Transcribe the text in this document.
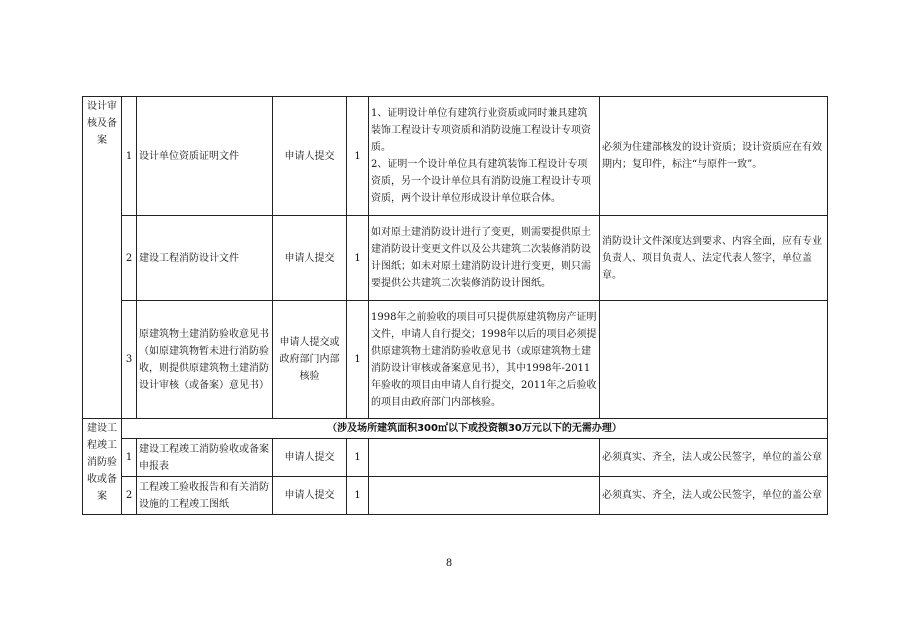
设计审核及备案	1	设计单位资质证明文件	申请人提交	1	1、证明设计单位有建筑行业资质或同时兼具建筑装饰工程设计专项资质和消防设施工程设计专项资质。
2、证明一个设计单位具有建筑装饰工程设计专项资质，另一个设计单位具有消防设施工程设计专项资质，两个设计单位形成设计单位联合体。	必须为住建部核发的设计资质；设计资质应在有效期内；复印件，标注“与原件一致”。
	2	建设工程消防设计文件	申请人提交	1	如对原土建消防设计进行了变更，则需要提供原土建消防设计变更文件以及公共建筑二次装修消防设计图纸；如未对原土建消防设计进行变更，则只需要提供公共建筑二次装修消防设计图纸。	消防设计文件深度达到要求、内容全面，应有专业负责人、项目负责人、法定代表人签字，单位盖章。
	3	原建筑物土建消防验收意见书（如原建筑物暂未进行消防验收，则提供原建筑物土建消防设计审核（或备案）意见书）	申请人提交或政府部门内部核验	1	1998年之前验收的项目可只提供原建筑物房产证明文件，申请人自行提交；1998年以后的项目必须提供原建筑物土建消防验收意见书（或原建筑物土建消防设计审核或备案意见书），其中1998年-2011年验收的项目由申请人自行提交，2011年之后验收的项目由政府部门内部核验。	

建设工程竣工消防验收或备案	（涉及场所建筑面积300㎡以下或投资额30万元以下的无需办理）					
	1	建设工程竣工消防验收或备案申报表	申请人提交	1		必须真实、齐全，法人或公民签字，单位的盖公章
	2	工程竣工验收报告和有关消防设施的工程竣工图纸	申请人提交	1		必须真实、齐全，法人或公民签字，单位的盖公章
8
